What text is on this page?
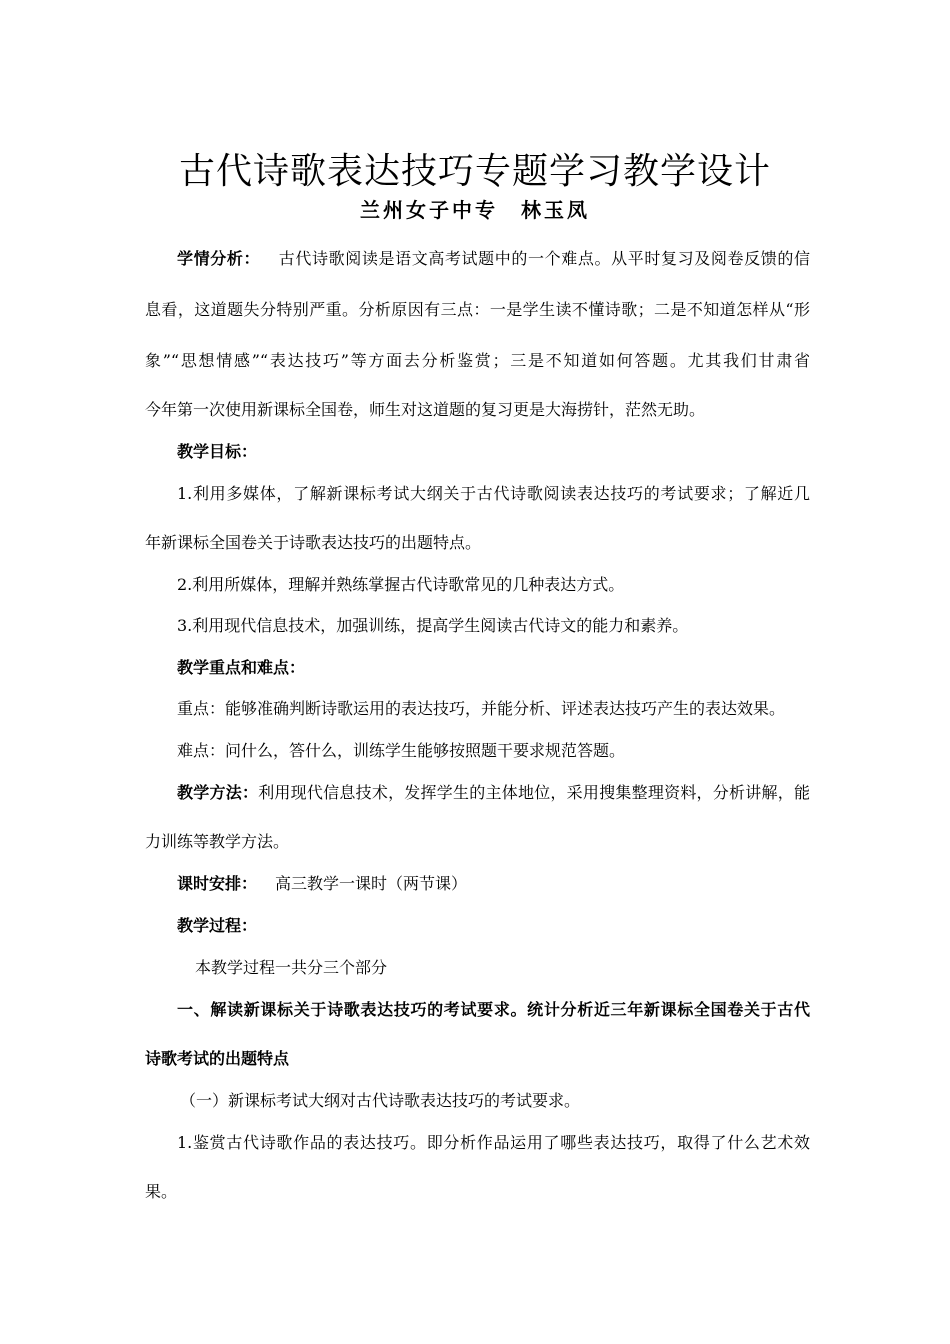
古代诗歌表达技巧专题学习教学设计
兰州女子中专　林玉凤
学情分析： 古代诗歌阅读是语文高考试题中的一个难点。从平时复习及阅卷反馈的信
息看，这道题失分特别严重。分析原因有三点：一是学生读不懂诗歌；二是不知道怎样从“形
象”“思想情感”“表达技巧”等方面去分析鉴赏；三是不知道如何答题。尤其我们甘肃省
今年第一次使用新课标全国卷，师生对这道题的复习更是大海捞针，茫然无助。
教学目标：
1.利用多媒体，了解新课标考试大纲关于古代诗歌阅读表达技巧的考试要求；了解近几
年新课标全国卷关于诗歌表达技巧的出题特点。
2.利用所媒体，理解并熟练掌握古代诗歌常见的几种表达方式。
3.利用现代信息技术，加强训练，提高学生阅读古代诗文的能力和素养。
教学重点和难点：
重点：能够准确判断诗歌运用的表达技巧，并能分析、评述表达技巧产生的表达效果。
难点：问什么，答什么，训练学生能够按照题干要求规范答题。
教学方法：利用现代信息技术，发挥学生的主体地位，采用搜集整理资料，分析讲解，能
力训练等教学方法。
课时安排： 高三教学一课时（两节课）
教学过程：
本教学过程一共分三个部分
一、解读新课标关于诗歌表达技巧的考试要求。统计分析近三年新课标全国卷关于古代
诗歌考试的出题特点
（一）新课标考试大纲对古代诗歌表达技巧的考试要求。
1.鉴赏古代诗歌作品的表达技巧。即分析作品运用了哪些表达技巧，取得了什么艺术效
果。
